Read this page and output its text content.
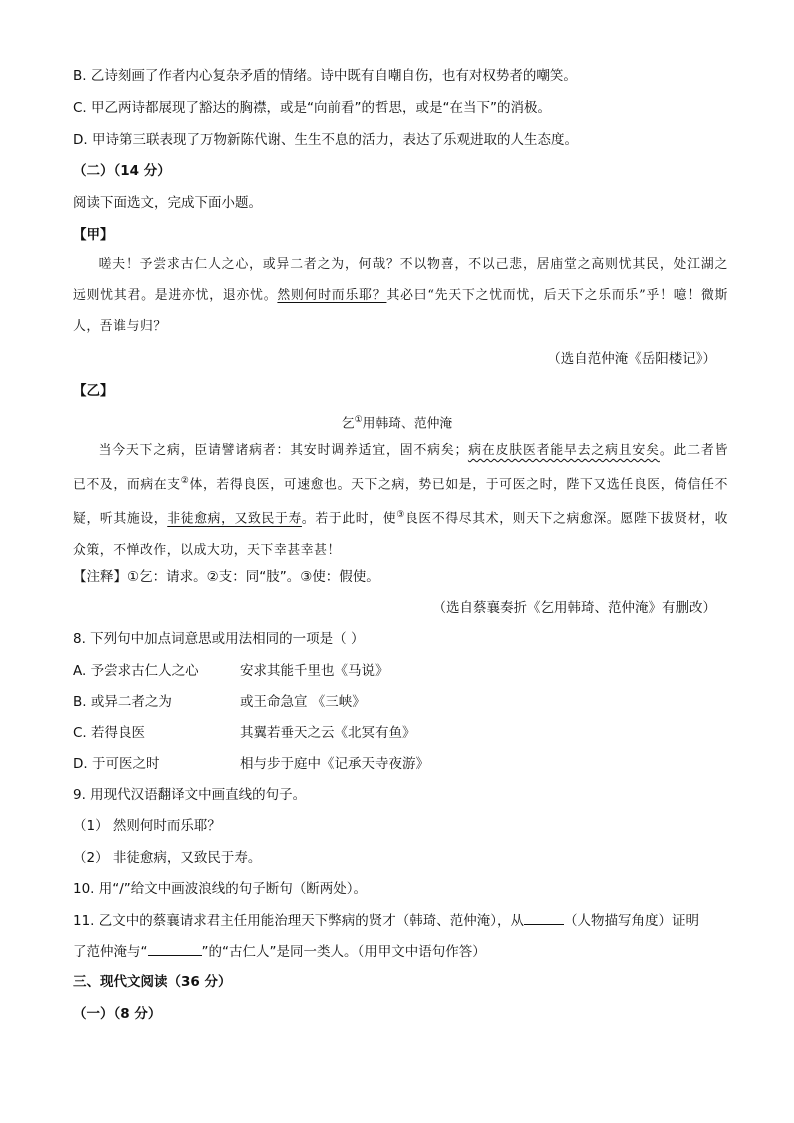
B. 乙诗刻画了作者内心复杂矛盾的情绪。诗中既有自嘲自伤，也有对权势者的嘲笑。
C. 甲乙两诗都展现了豁达的胸襟，或是“向前看”的哲思，或是“在当下”的消极。
D. 甲诗第三联表现了万物新陈代谢、生生不息的活力，表达了乐观进取的人生态度。
（二）（14 分）
阅读下面选文，完成下面小题。
【甲】

嗟夫！予尝求古仁人之心，或异二者之为，何哉？不以物喜，不以己悲，居庙堂之高则忧其民，处江湖之远则忧其君。是进亦忧，退亦忧。然则何时而乐耶？其必曰“先天下之忧而忧，后天下之乐而乐”乎！噫！微斯人，吾谁与归？

（选自范仲淹《岳阳楼记》）
【乙】
乞①用韩琦、范仲淹

当今天下之病，臣请譬诸病者：其安时调养适宜，固不病矣；病在皮肤医者能早去之病且安矣。此二者皆已不及，而病在支②体，若得良医，可速愈也。天下之病，势已如是，于可医之时，陛下又选任良医，倚信任不疑，听其施设，非徒愈病，又致民于寿。若于此时，使③良医不得尽其术，则天下之病愈深。愿陛下拔贤材，收众策，不惮改作，以成大功，天下幸甚幸甚！

【注释】①乞：请求。②支：同“肢”。③使：假使。
（选自蔡襄奏折《乞用韩琦、范仲淹》有删改）
8. 下列句中加点词意思或用法相同的一项是（ ）
A. 予尝求古仁人之心	安求其能千里也《马说》
B. 或异二者之为	或王命急宣 《三峡》
C. 若得良医	其翼若垂天之云《北冥有鱼》
D. 于可医之时	相与步于庭中《记承天寺夜游》
9. 用现代汉语翻译文中画直线的句子。
（1） 然则何时而乐耶？
（2） 非徒愈病，又致民于寿。
10. 用“/”给文中画波浪线的句子断句（断两处）。
11. 乙文中的蔡襄请求君主任用能治理天下弊病的贤才（韩琦、范仲淹），从	（人物描写角度）证明
了范仲淹与“	”的“古仁人”是同一类人。（用甲文中语句作答）
三、现代文阅读（36 分）
（一）（8 分）
